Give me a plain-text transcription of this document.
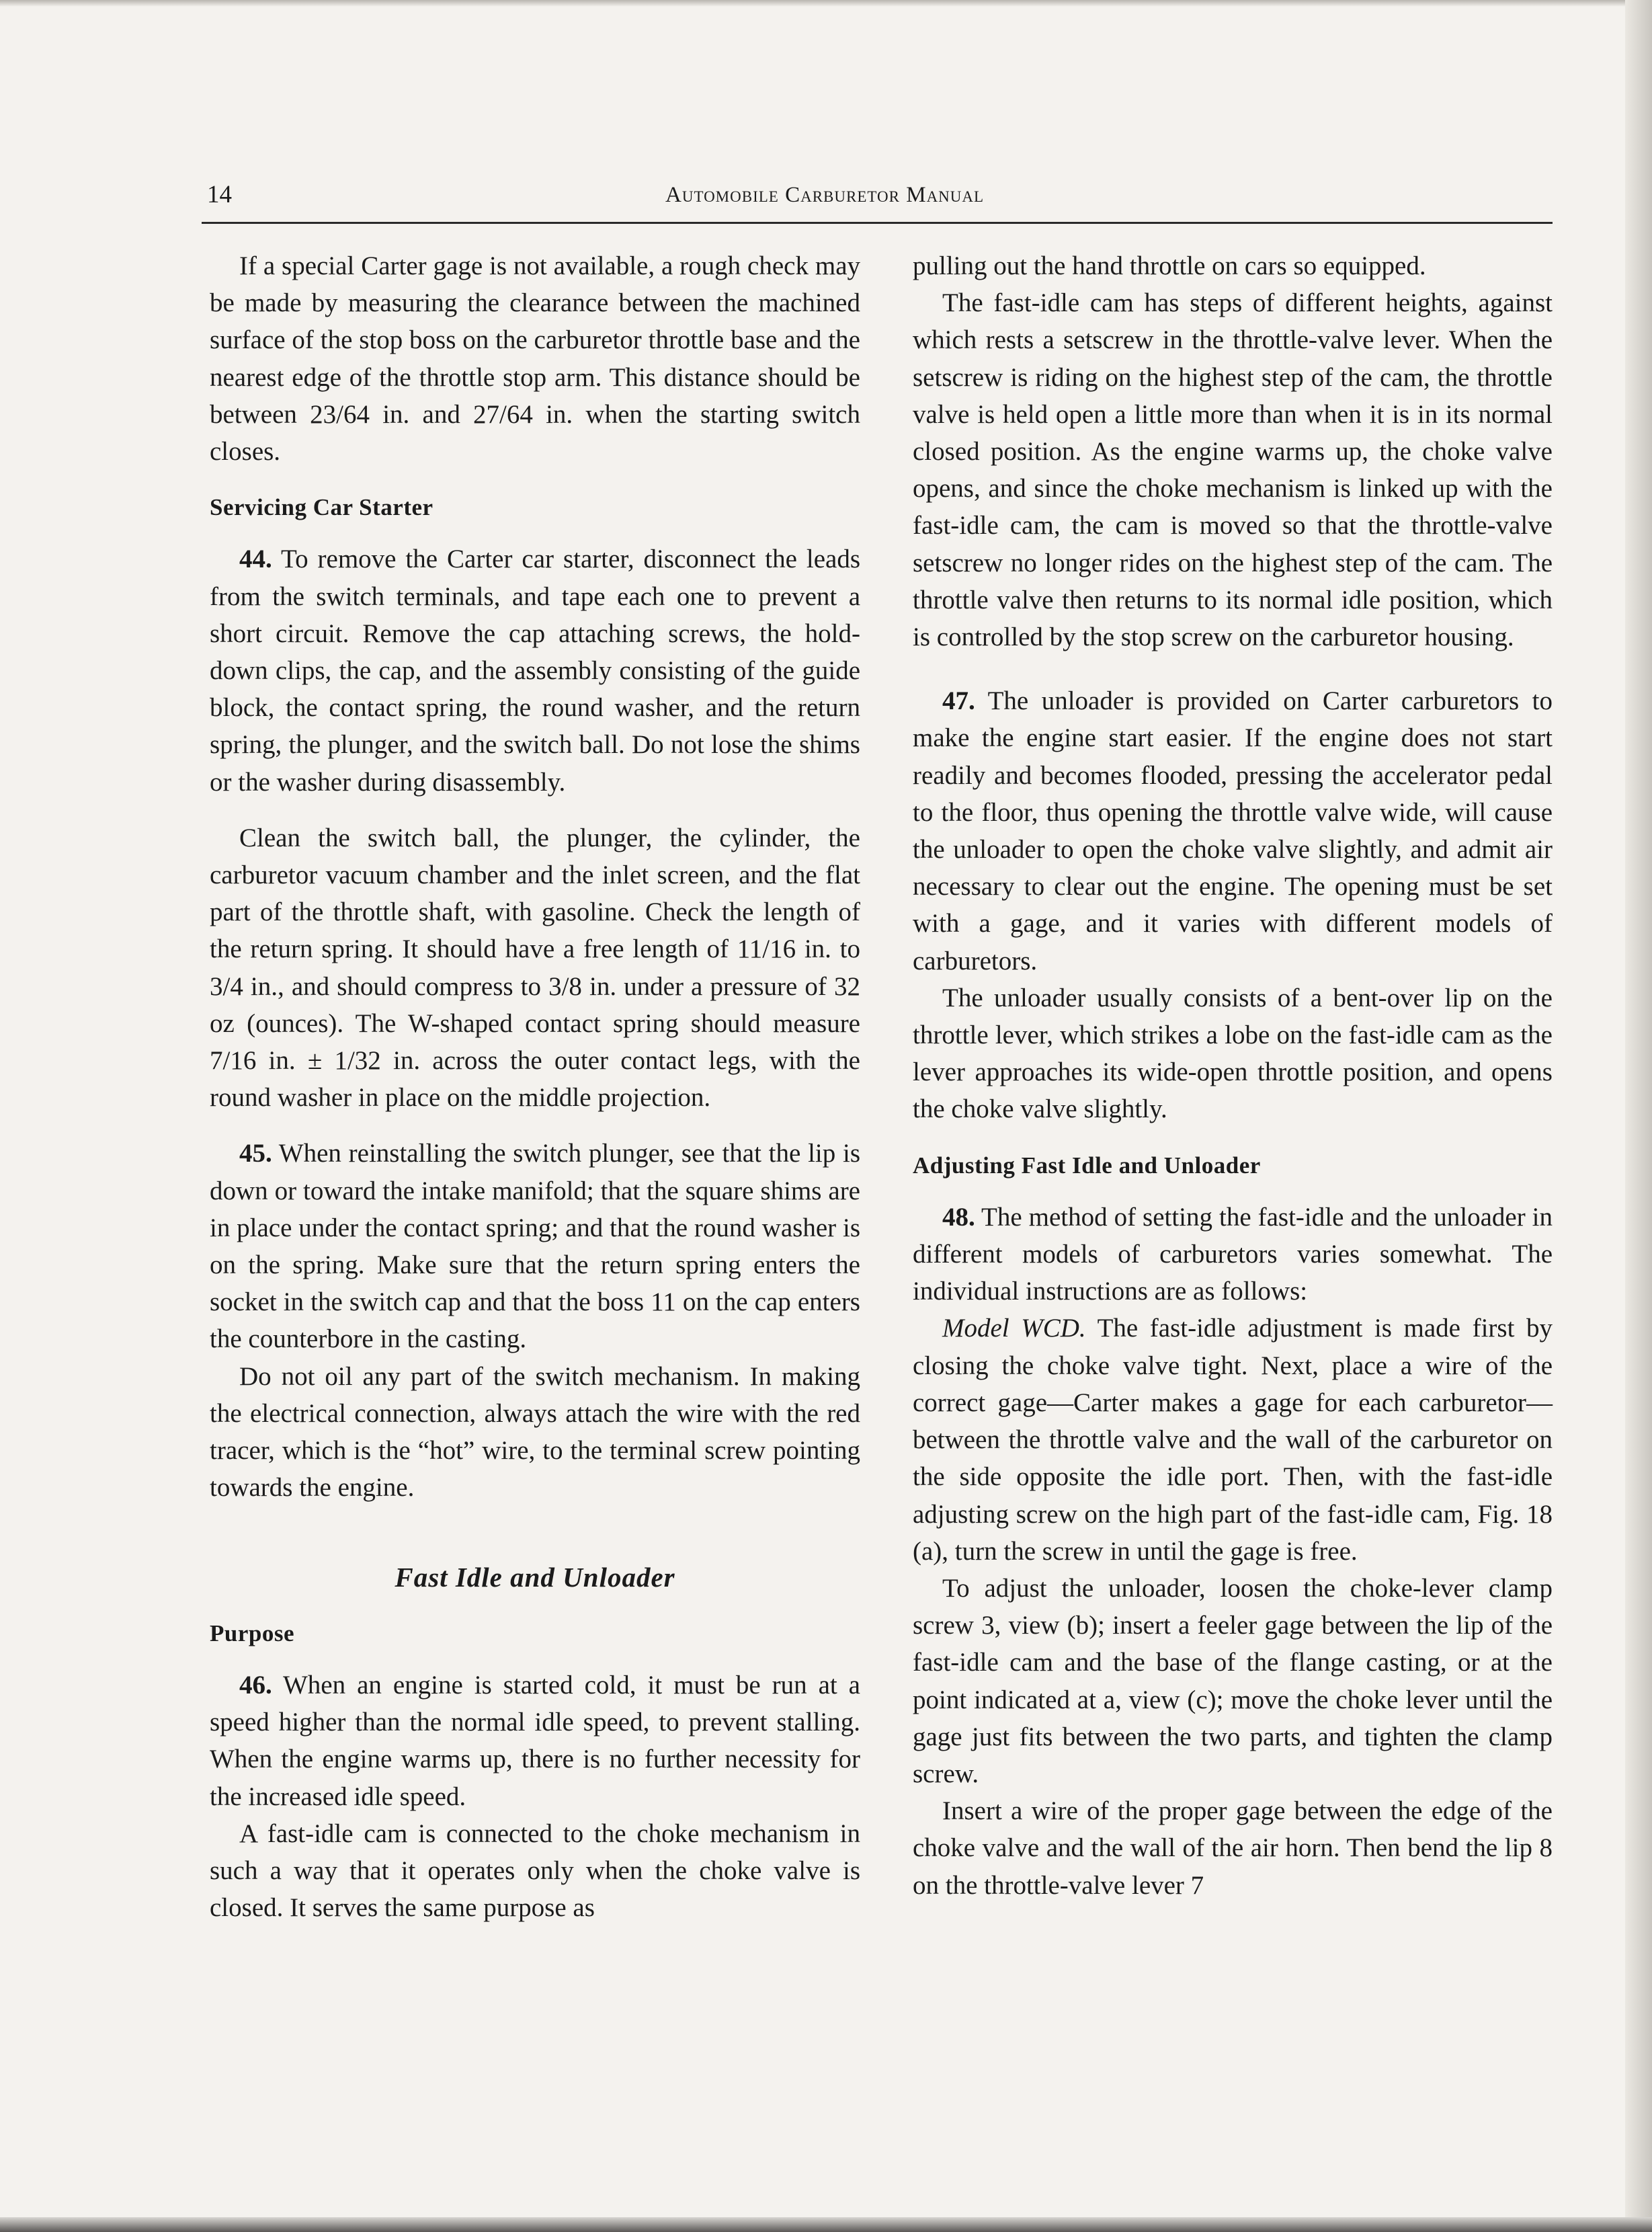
14	Automobile Carburetor Manual

If a special Carter gage is not available, a rough check may be made by measuring the clearance between the machined surface of the stop boss on the carburetor throttle base and the nearest edge of the throttle stop arm. This distance should be between 23/64 in. and 27/64 in. when the starting switch closes.

Servicing Car Starter

44. To remove the Carter car starter, disconnect the leads from the switch terminals, and tape each one to prevent a short circuit. Remove the cap attaching screws, the hold-down clips, the cap, and the assembly consisting of the guide block, the contact spring, the round washer, and the return spring, the plunger, and the switch ball. Do not lose the shims or the washer during disassembly.

Clean the switch ball, the plunger, the cylinder, the carburetor vacuum chamber and the inlet screen, and the flat part of the throttle shaft, with gasoline. Check the length of the return spring. It should have a free length of 11/16 in. to 3/4 in., and should compress to 3/8 in. under a pressure of 32 oz (ounces). The W-shaped contact spring should measure 7/16 in. ± 1/32 in. across the outer contact legs, with the round washer in place on the middle projection.

45. When reinstalling the switch plunger, see that the lip is down or toward the intake manifold; that the square shims are in place under the contact spring; and that the round washer is on the spring. Make sure that the return spring enters the socket in the switch cap and that the boss 11 on the cap enters the counterbore in the casting.

Do not oil any part of the switch mechanism. In making the electrical connection, always attach the wire with the red tracer, which is the “hot” wire, to the terminal screw pointing towards the engine.

Fast Idle and Unloader
Purpose

46. When an engine is started cold, it must be run at a speed higher than the normal idle speed, to prevent stalling. When the engine warms up, there is no further necessity for the increased idle speed.

A fast-idle cam is connected to the choke mechanism in such a way that it operates only when the choke valve is closed. It serves the same purpose as

pulling out the hand throttle on cars so equipped.

The fast-idle cam has steps of different heights, against which rests a setscrew in the throttle-valve lever. When the setscrew is riding on the highest step of the cam, the throttle valve is held open a little more than when it is in its normal closed position. As the engine warms up, the choke valve opens, and since the choke mechanism is linked up with the fast-idle cam, the cam is moved so that the throttle-valve setscrew no longer rides on the highest step of the cam. The throttle valve then returns to its normal idle position, which is controlled by the stop screw on the carburetor housing.

47. The unloader is provided on Carter carburetors to make the engine start easier. If the engine does not start readily and becomes flooded, pressing the accelerator pedal to the floor, thus opening the throttle valve wide, will cause the unloader to open the choke valve slightly, and admit air necessary to clear out the engine. The opening must be set with a gage, and it varies with different models of carburetors.

The unloader usually consists of a bent-over lip on the throttle lever, which strikes a lobe on the fast-idle cam as the lever approaches its wide-open throttle position, and opens the choke valve slightly.

Adjusting Fast Idle and Unloader

48. The method of setting the fast-idle and the unloader in different models of carburetors varies somewhat. The individual instructions are as follows:

Model WCD. The fast-idle adjustment is made first by closing the choke valve tight. Next, place a wire of the correct gage—Carter makes a gage for each carburetor—between the throttle valve and the wall of the carburetor on the side opposite the idle port. Then, with the fast-idle adjusting screw on the high part of the fast-idle cam, Fig. 18 (a), turn the screw in until the gage is free.

To adjust the unloader, loosen the choke-lever clamp screw 3, view (b); insert a feeler gage between the lip of the fast-idle cam and the base of the flange casting, or at the point indicated at a, view (c); move the choke lever until the gage just fits between the two parts, and tighten the clamp screw.

Insert a wire of the proper gage between the edge of the choke valve and the wall of the air horn. Then bend the lip 8 on the throttle-valve lever 7
